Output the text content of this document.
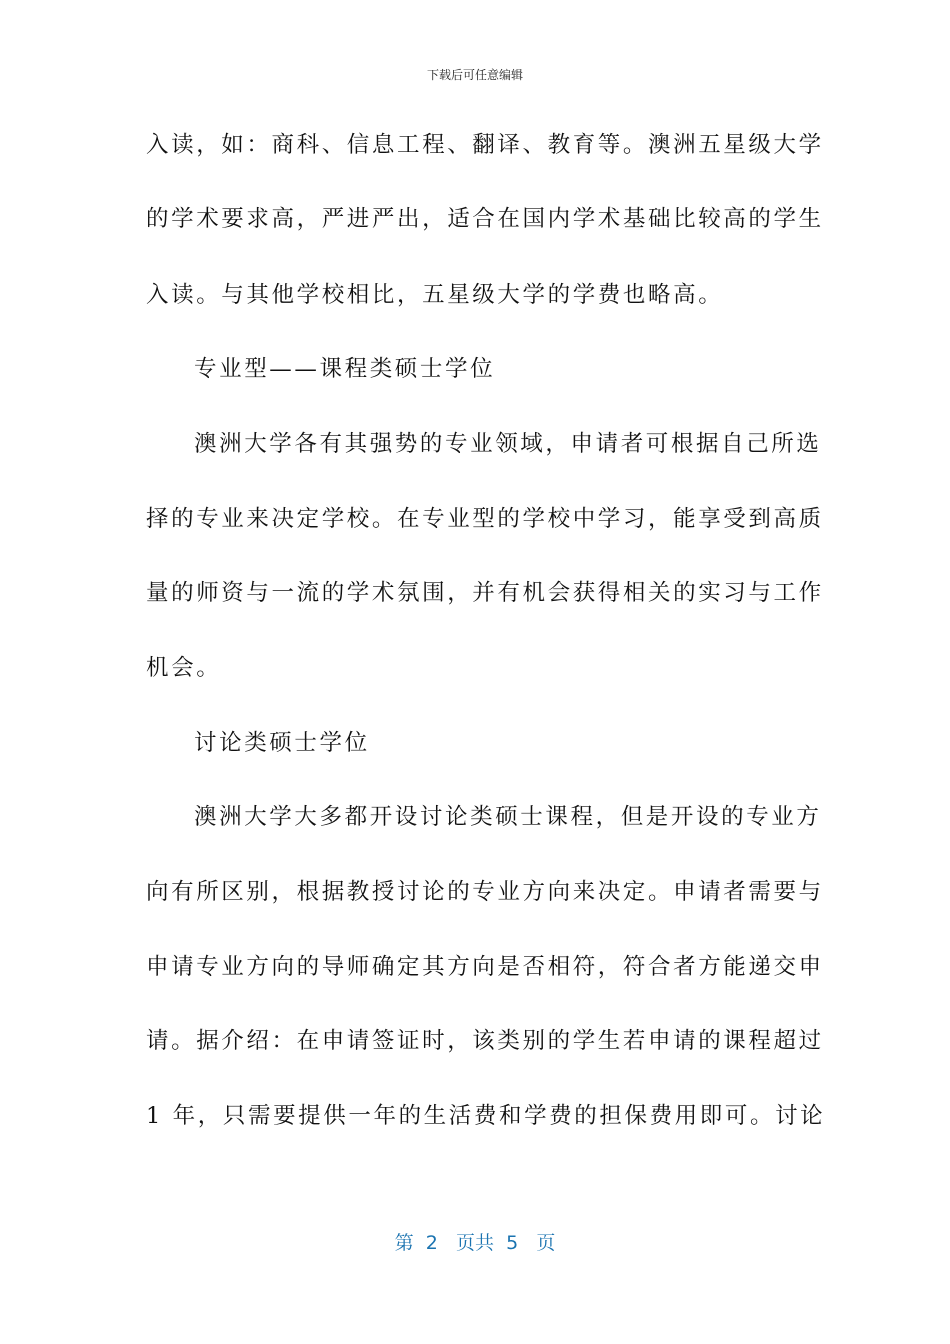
下载后可任意编辑
入读，如：商科、信息工程、翻译、教育等。澳洲五星级大学
的学术要求高，严进严出，适合在国内学术基础比较高的学生
入读。与其他学校相比，五星级大学的学费也略高。
专业型——课程类硕士学位
澳洲大学各有其强势的专业领域，申请者可根据自己所选
择的专业来决定学校。在专业型的学校中学习，能享受到高质
量的师资与一流的学术氛围，并有机会获得相关的实习与工作
机会。
讨论类硕士学位
澳洲大学大多都开设讨论类硕士课程，但是开设的专业方
向有所区别，根据教授讨论的专业方向来决定。申请者需要与
申请专业方向的导师确定其方向是否相符，符合者方能递交申
请。据介绍：在申请签证时，该类别的学生若申请的课程超过
1 年，只需要提供一年的生活费和学费的担保费用即可。讨论
第 2 页共 5 页
